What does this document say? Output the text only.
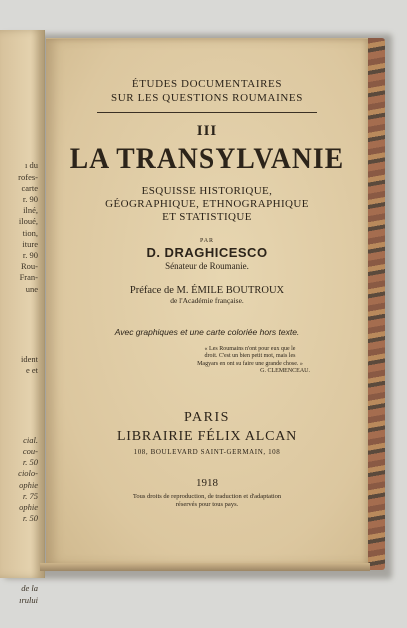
ı du
rofes-
carte
r. 90
ilné,
iloué,
tion,
iture
r. 90
Rou-
Fran-
une

ident
e et

cial.
cou-
r. 50
ciolo-
ophie
r. 75
ophie
r. 50

de la
ırului

ÉTUDES DOCUMENTAIRES
SUR LES QUESTIONS ROUMAINES
III
LA TRANSYLVANIE
ESQUISSE HISTORIQUE,
GÉOGRAPHIQUE, ETHNOGRAPHIQUE
ET STATISTIQUE
PAR
D. DRAGHICESCO
Sénateur de Roumanie.
Préface de M. ÉMILE BOUTROUX
de l'Académie française.
Avec graphiques et une carte coloriée hors texte.
« Les Roumains n'ont pour eux que le
droit. C'est un bien petit mot, mais les
Magyars en ont su faire une grande chose. »
G. CLEMENCEAU.
PARIS
LIBRAIRIE FÉLIX ALCAN
108, BOULEVARD SAINT-GERMAIN, 108
1918
Tous droits de reproduction, de traduction et d'adaptation
réservés pour tous pays.
